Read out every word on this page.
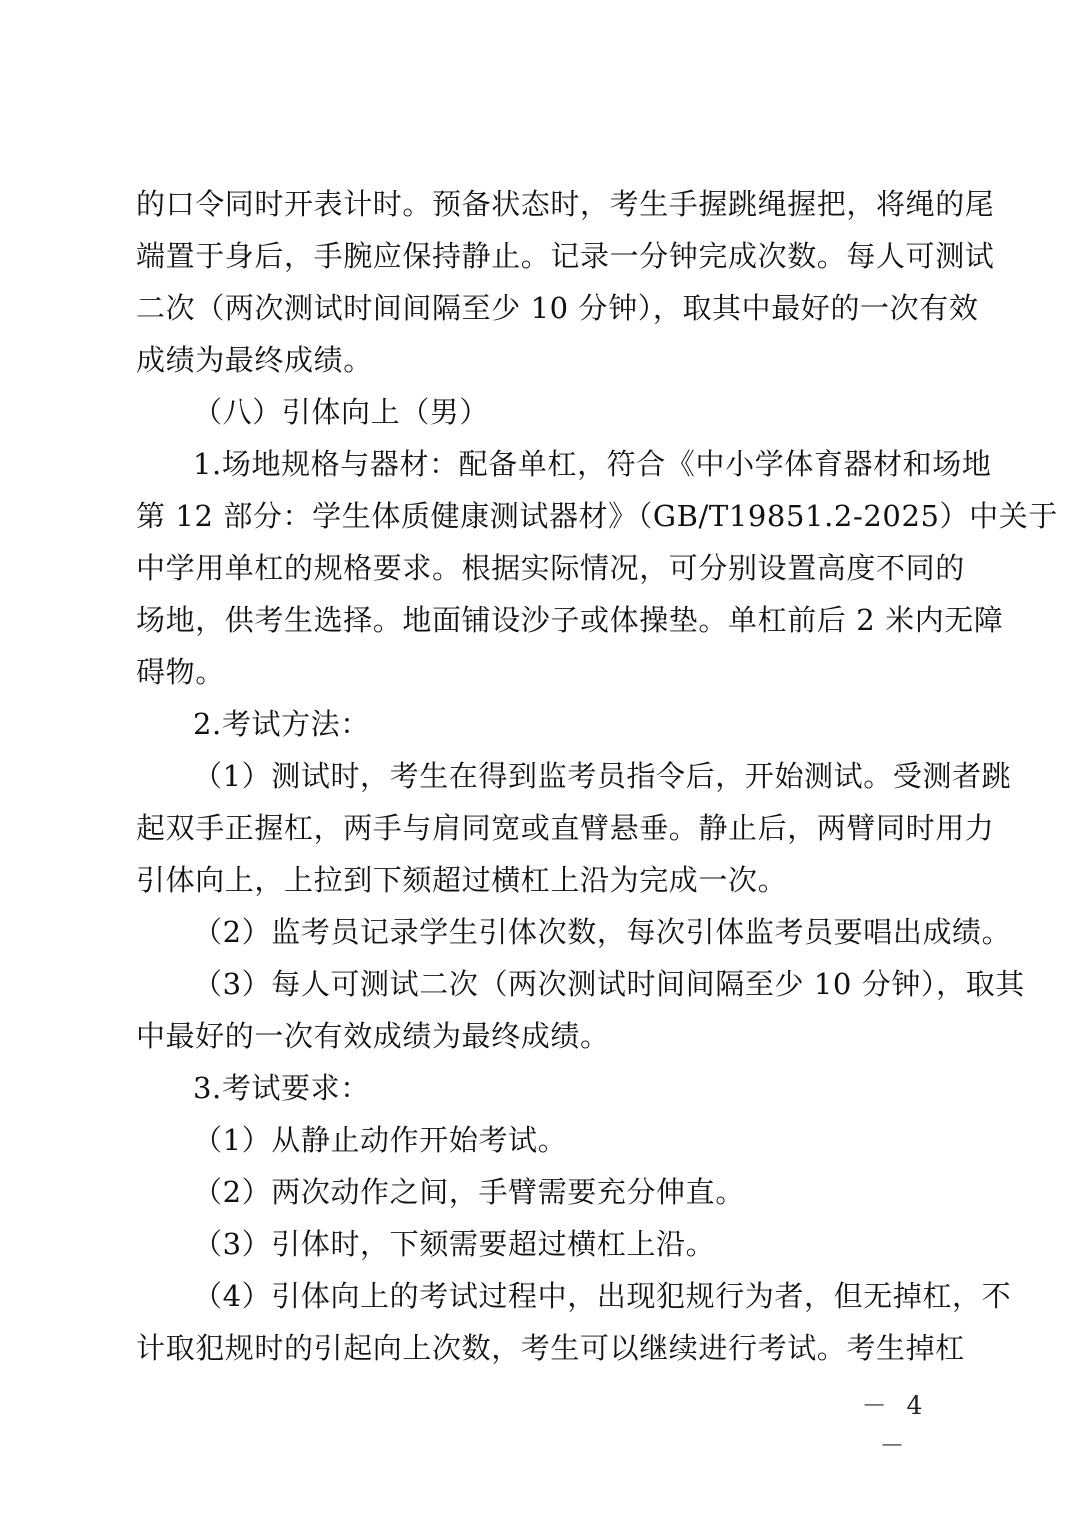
的口令同时开表计时。预备状态时，考生手握跳绳握把，将绳的尾
端置于身后，手腕应保持静止。记录一分钟完成次数。每人可测试
二次（两次测试时间间隔至少 10 分钟），取其中最好的一次有效
成绩为最终成绩。
（八）引体向上（男）
1.场地规格与器材：配备单杠，符合《中小学体育器材和场地
第 12 部分：学生体质健康测试器材》（GB/T19851.2-2025）中关于
中学用单杠的规格要求。根据实际情况，可分别设置高度不同的
场地，供考生选择。地面铺设沙子或体操垫。单杠前后 2 米内无障
碍物。
2.考试方法：
（1）测试时，考生在得到监考员指令后，开始测试。受测者跳
起双手正握杠，两手与肩同宽或直臂悬垂。静止后，两臂同时用力
引体向上，上拉到下颏超过横杠上沿为完成一次。
（2）监考员记录学生引体次数，每次引体监考员要唱出成绩。
（3）每人可测试二次（两次测试时间间隔至少 10 分钟），取其
中最好的一次有效成绩为最终成绩。
3.考试要求：
（1）从静止动作开始考试。
（2）两次动作之间，手臂需要充分伸直。
（3）引体时，下颏需要超过横杠上沿。
（4）引体向上的考试过程中，出现犯规行为者，但无掉杠，不
计取犯规时的引起向上次数，考生可以继续进行考试。考生掉杠
－ 4 －
